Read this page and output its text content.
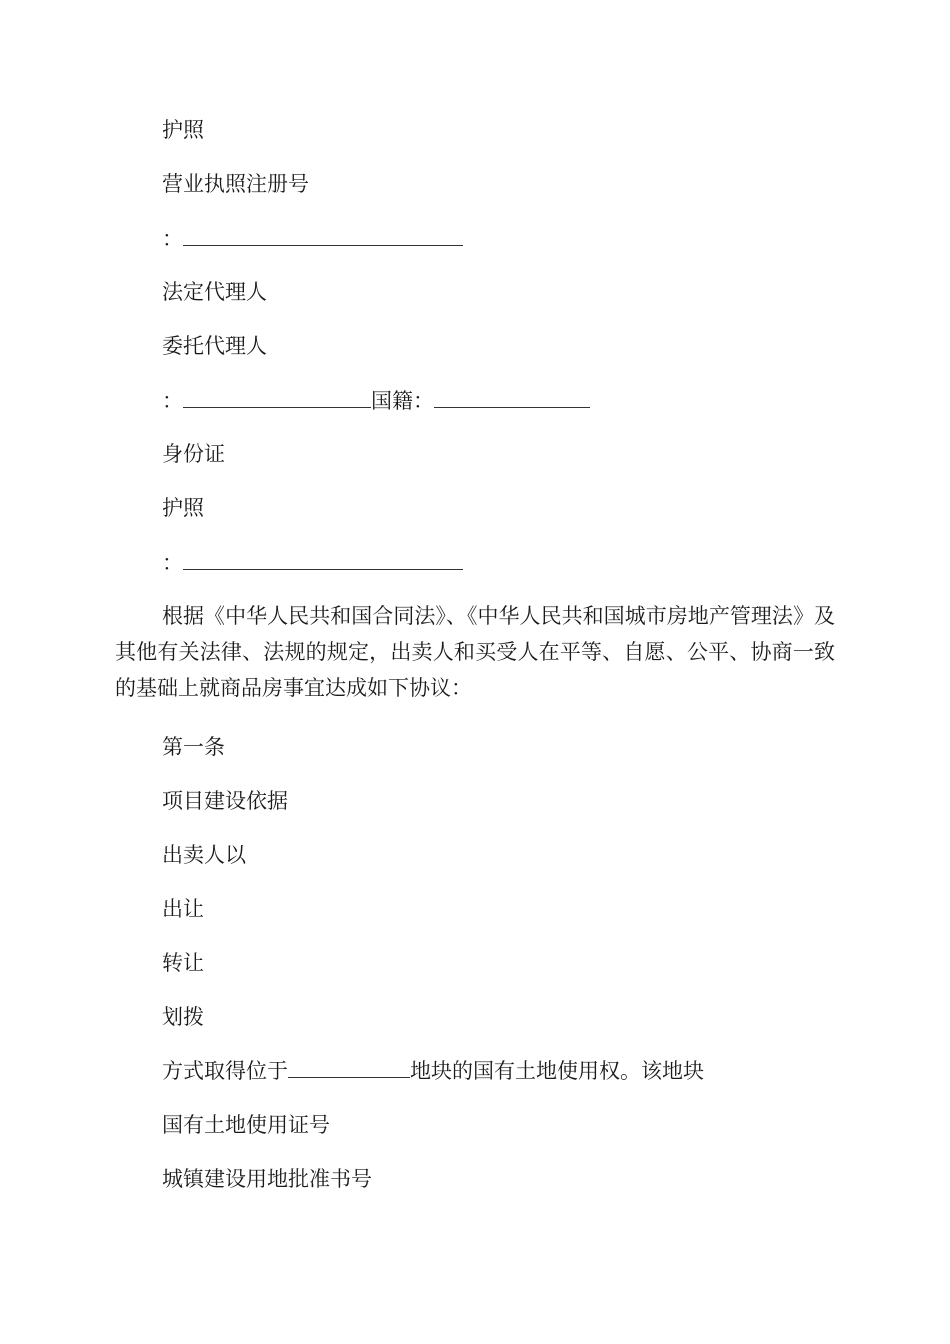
护照
营业执照注册号
：
法定代理人
委托代理人
：	国籍：
身份证
护照
：
根据《中华人民共和国合同法》、《中华人民共和国城市房地产管理法》及其他有关法律、法规的规定，出卖人和买受人在平等、自愿、公平、协商一致的基础上就商品房事宜达成如下协议：
第一条
项目建设依据
出卖人以
出让
转让
划拨
方式取得位于	地块的国有土地使用权。该地块
国有土地使用证号
城镇建设用地批准书号
